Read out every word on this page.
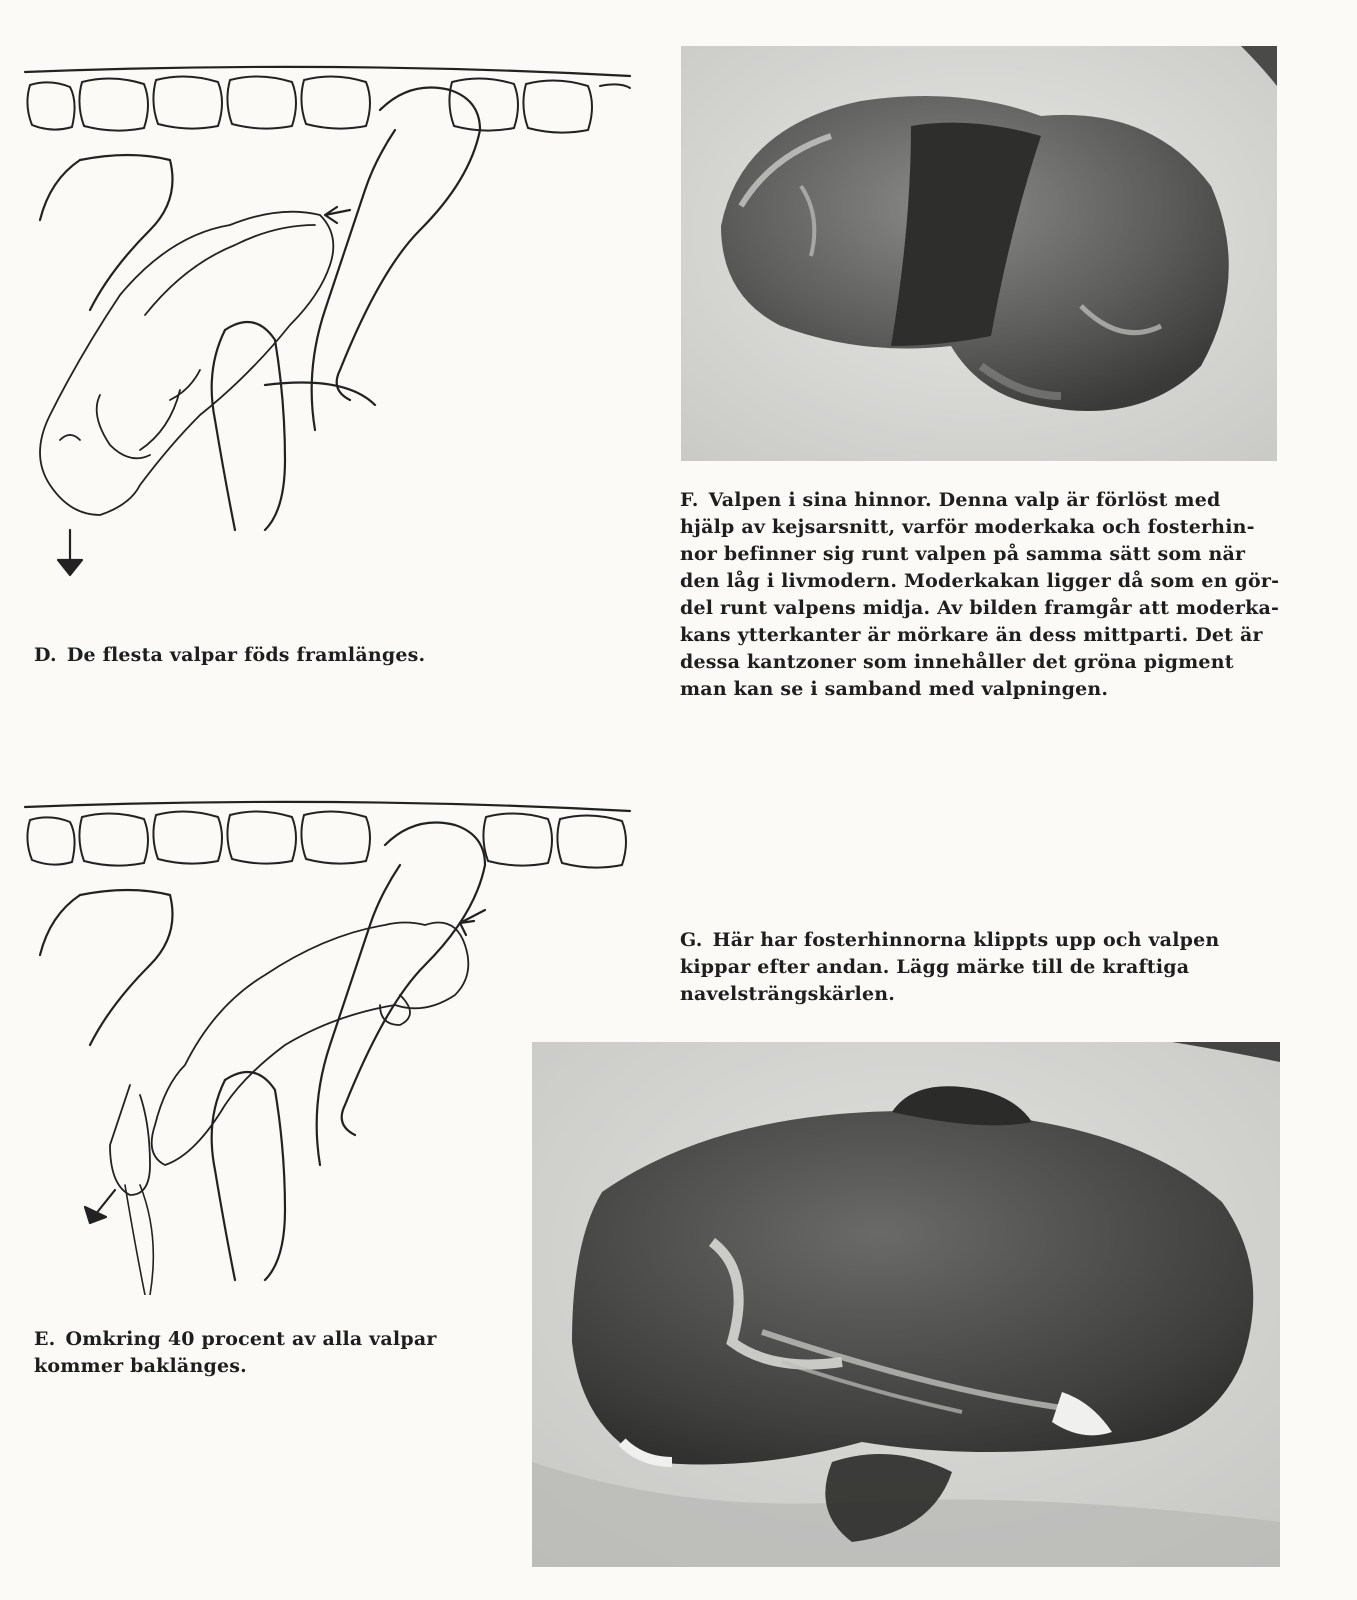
D. De flesta valpar föds framlänges.
F. Valpen i sina hinnor. Denna valp är förlöst med
hjälp av kejsarsnitt, varför moderkaka och fosterhin-
nor befinner sig runt valpen på samma sätt som när
den låg i livmodern. Moderkakan ligger då som en gör-
del runt valpens midja. Av bilden framgår att moderka-
kans ytterkanter är mörkare än dess mittparti. Det är
dessa kantzoner som innehåller det gröna pigment
man kan se i samband med valpningen.
E. Omkring 40 procent av alla valpar
kommer baklänges.
G. Här har fosterhinnorna klippts upp och valpen
kippar efter andan. Lägg märke till de kraftiga
navelsträngskärlen.
